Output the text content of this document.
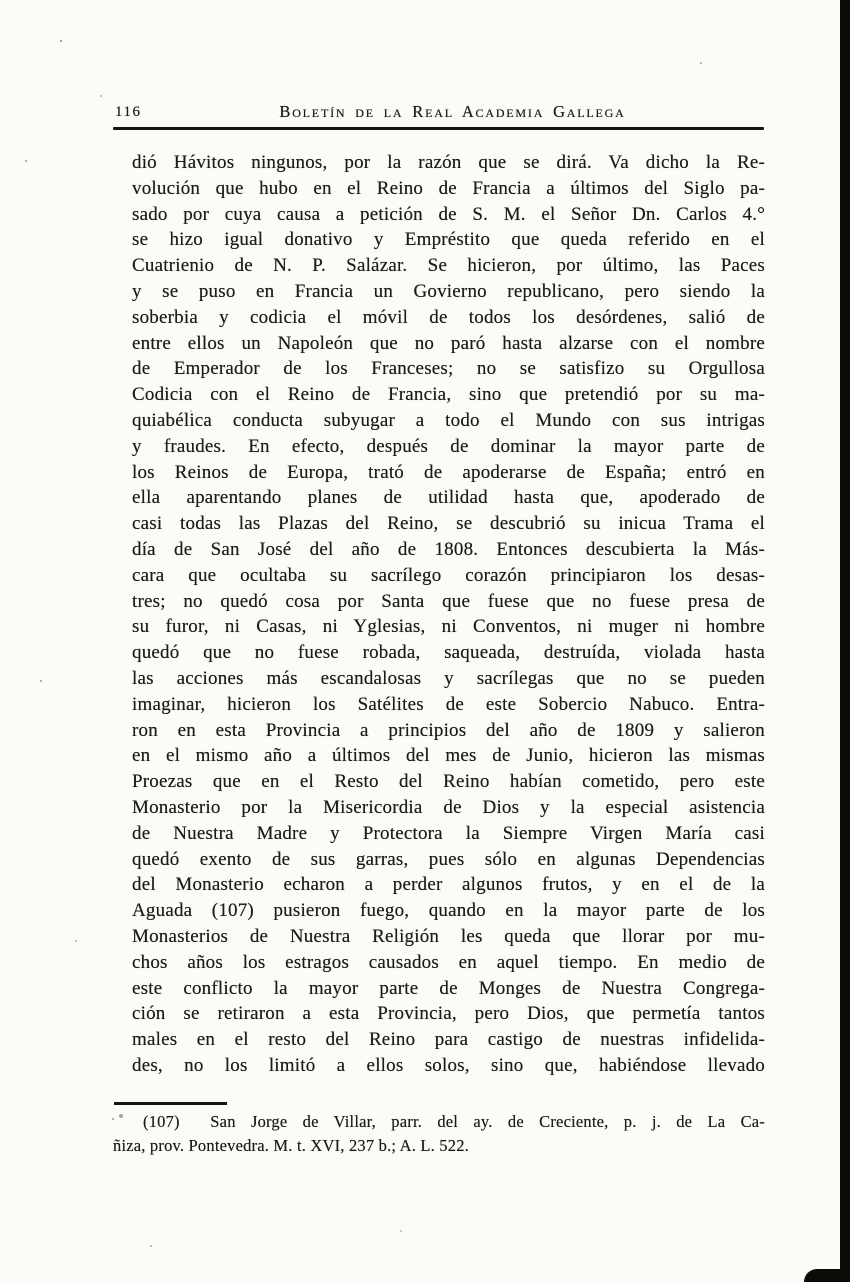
116	Boletín de la Real Academia Gallega
dió Hávitos ningunos, por la razón que se dirá. Va dicho la Re-
volución que hubo en el Reino de Francia a últimos del Siglo pa-
sado por cuya causa a petición de S. M. el Señor Dn. Carlos 4.°
se hizo igual donativo y Empréstito que queda referido en el
Cuatrienio de N. P. Salázar. Se hicieron, por último, las Paces
y se puso en Francia un Govierno republicano, pero siendo la
soberbia y codicia el móvil de todos los desórdenes, salió de
entre ellos un Napoleón que no paró hasta alzarse con el nombre
de Emperador de los Franceses; no se satisfizo su Orgullosa
Codicia con el Reino de Francia, sino que pretendió por su ma-
quiabélica conducta subyugar a todo el Mundo con sus intrigas
y fraudes. En efecto, después de dominar la mayor parte de
los Reinos de Europa, trató de apoderarse de España; entró en
ella aparentando planes de utilidad hasta que, apoderado de
casi todas las Plazas del Reino, se descubrió su inicua Trama el
día de San José del año de 1808. Entonces descubierta la Más-
cara que ocultaba su sacrílego corazón principiaron los desas-
tres; no quedó cosa por Santa que fuese que no fuese presa de
su furor, ni Casas, ni Yglesias, ni Conventos, ni muger ni hombre
quedó que no fuese robada, saqueada, destruída, violada hasta
las acciones más escandalosas y sacrílegas que no se pueden
imaginar, hicieron los Satélites de este Sobercio Nabuco. Entra-
ron en esta Provincia a principios del año de 1809 y salieron
en el mismo año a últimos del mes de Junio, hicieron las mismas
Proezas que en el Resto del Reino habían cometido, pero este
Monasterio por la Misericordia de Dios y la especial asistencia
de Nuestra Madre y Protectora la Siempre Virgen María casi
quedó exento de sus garras, pues sólo en algunas Dependencias
del Monasterio echaron a perder algunos frutos, y en el de la
Aguada (107) pusieron fuego, quando en la mayor parte de los
Monasterios de Nuestra Religión les queda que llorar por mu-
chos años los estragos causados en aquel tiempo. En medio de
este conflicto la mayor parte de Monges de Nuestra Congrega-
ción se retiraron a esta Provincia, pero Dios, que permetía tantos
males en el resto del Reino para castigo de nuestras infidelida-
des, no los limitó a ellos solos, sino que, habiéndose llevado
(107)  San Jorge de Villar, parr. del ay. de Creciente, p. j. de La Ca-
ñiza, prov. Pontevedra. M. t. XVI, 237 b.; A. L. 522.
